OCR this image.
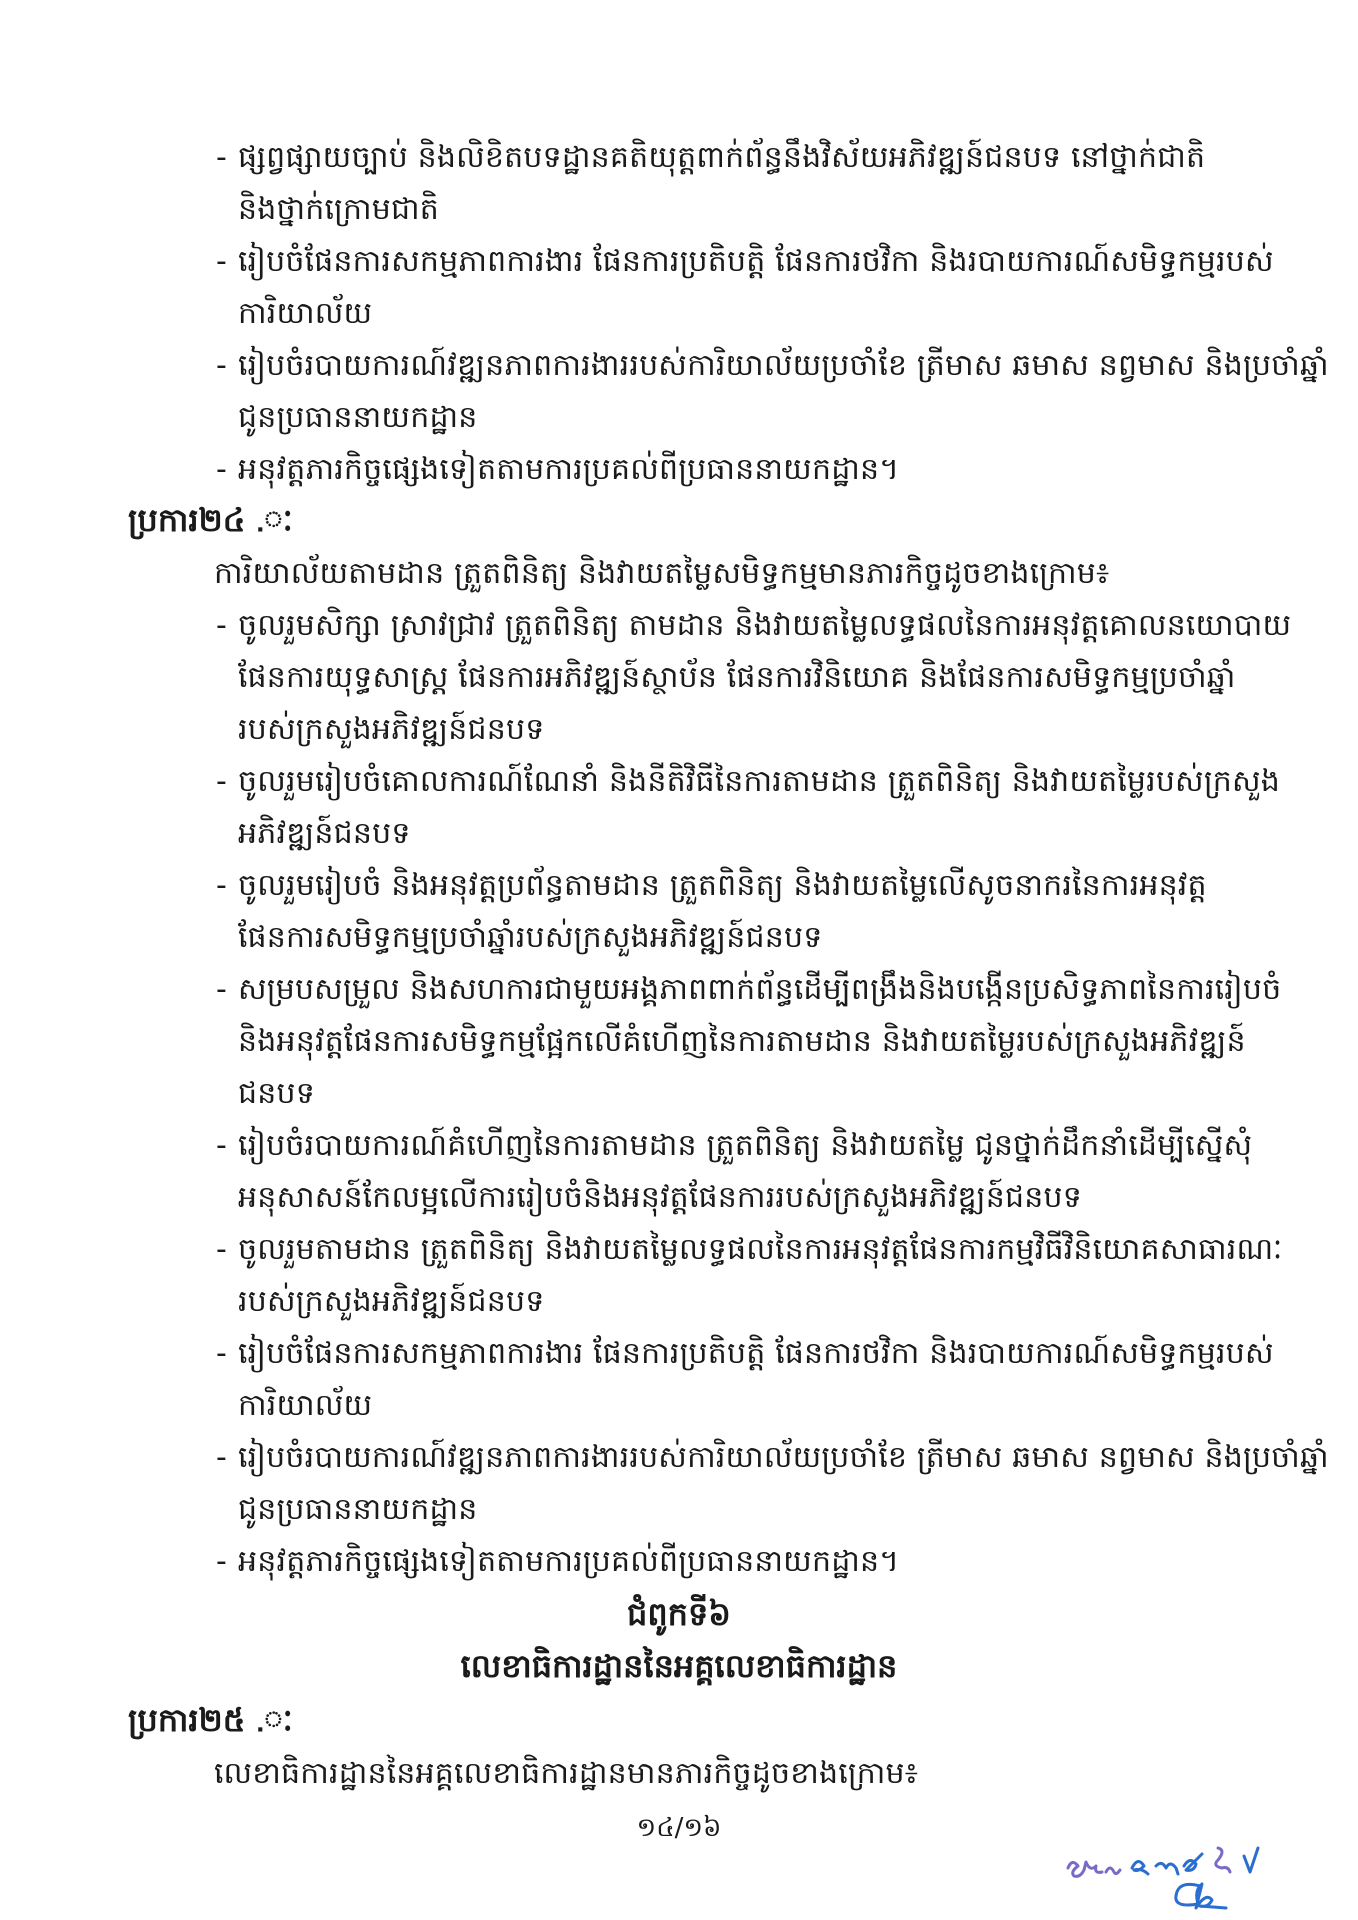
- ផ្សព្វផ្សាយច្បាប់ និងលិខិតបទដ្ឋានគតិយុត្តពាក់ព័ន្ធនឹងវិស័យអភិវឌ្ឍន៍ជនបទ នៅថ្នាក់ជាតិ
និងថ្នាក់ក្រោមជាតិ
- រៀបចំផែនការសកម្មភាពការងារ ផែនការប្រតិបត្តិ ផែនការថវិកា និងរបាយការណ៍សមិទ្ធកម្មរបស់
ការិយាល័យ
- រៀបចំរបាយការណ៍វឌ្ឍនភាពការងាររបស់ការិយាល័យប្រចាំខែ ត្រីមាស ឆមាស នព្វមាស និងប្រចាំឆ្នាំ
ជូនប្រធាននាយកដ្ឋាន
- អនុវត្តភារកិច្ចផ្សេងទៀតតាមការប្រគល់ពីប្រធាននាយកដ្ឋាន។
ប្រការ២៤ .ៈ
ការិយាល័យតាមដាន ត្រួតពិនិត្យ និងវាយតម្លៃសមិទ្ធកម្មមានភារកិច្ចដូចខាងក្រោម៖
- ចូលរួមសិក្សា ស្រាវជ្រាវ ត្រួតពិនិត្យ តាមដាន និងវាយតម្លៃលទ្ធផលនៃការអនុវត្តគោលនយោបាយ
ផែនការយុទ្ធសាស្ត្រ ផែនការអភិវឌ្ឍន៍ស្ថាប័ន ផែនការវិនិយោគ និងផែនការសមិទ្ធកម្មប្រចាំឆ្នាំ
របស់ក្រសួងអភិវឌ្ឍន៍ជនបទ
- ចូលរួមរៀបចំគោលការណ៍ណែនាំ និងនីតិវិធីនៃការតាមដាន ត្រួតពិនិត្យ និងវាយតម្លៃរបស់ក្រសួង
អភិវឌ្ឍន៍ជនបទ
- ចូលរួមរៀបចំ និងអនុវត្តប្រព័ន្ធតាមដាន ត្រួតពិនិត្យ និងវាយតម្លៃលើសូចនាករនៃការអនុវត្ត
ផែនការសមិទ្ធកម្មប្រចាំឆ្នាំរបស់ក្រសួងអភិវឌ្ឍន៍ជនបទ
- សម្របសម្រួល និងសហការជាមួយអង្គភាពពាក់ព័ន្ធដើម្បីពង្រឹងនិងបង្កើនប្រសិទ្ធភាពនៃការរៀបចំ
និងអនុវត្តផែនការសមិទ្ធកម្មផ្អែកលើគំហើញនៃការតាមដាន និងវាយតម្លៃរបស់ក្រសួងអភិវឌ្ឍន៍
ជនបទ
- រៀបចំរបាយការណ៍គំហើញនៃការតាមដាន ត្រួតពិនិត្យ និងវាយតម្លៃ ជូនថ្នាក់ដឹកនាំដើម្បីស្នើសុំ
អនុសាសន៍កែលម្អលើការរៀបចំនិងអនុវត្តផែនការរបស់ក្រសួងអភិវឌ្ឍន៍ជនបទ
- ចូលរួមតាមដាន ត្រួតពិនិត្យ និងវាយតម្លៃលទ្ធផលនៃការអនុវត្តផែនការកម្មវិធីវិនិយោគសាធារណៈ
របស់ក្រសួងអភិវឌ្ឍន៍ជនបទ
- រៀបចំផែនការសកម្មភាពការងារ ផែនការប្រតិបត្តិ ផែនការថវិកា និងរបាយការណ៍សមិទ្ធកម្មរបស់
ការិយាល័យ
- រៀបចំរបាយការណ៍វឌ្ឍនភាពការងាររបស់ការិយាល័យប្រចាំខែ ត្រីមាស ឆមាស នព្វមាស និងប្រចាំឆ្នាំ
ជូនប្រធាននាយកដ្ឋាន
- អនុវត្តភារកិច្ចផ្សេងទៀតតាមការប្រគល់ពីប្រធាននាយកដ្ឋាន។
ជំពូកទី៦
លេខាធិការដ្ឋាននៃអគ្គលេខាធិការដ្ឋាន
ប្រការ២៥ .ៈ
លេខាធិការដ្ឋាននៃអគ្គលេខាធិការដ្ឋានមានភារកិច្ចដូចខាងក្រោម៖
១៤/១៦
